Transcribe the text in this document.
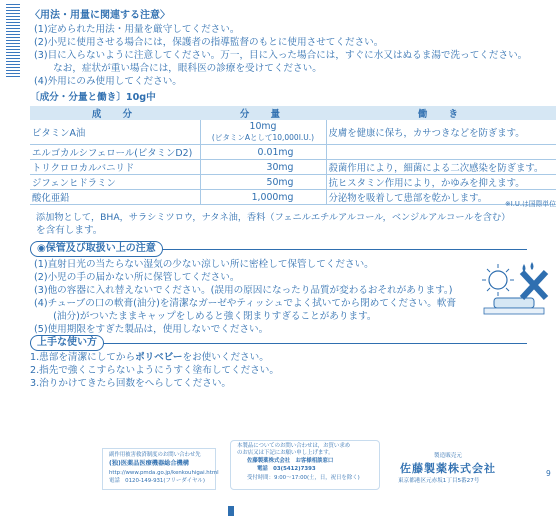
〈用法・用量に関連する注意〉
(1)定められた用法・用量を厳守してください。
(2)小児に使用させる場合には，保護者の指導監督のもとに使用させてください。
(3)目に入らないように注意してください。万一，目に入った場合には，すぐに水又はぬるま湯で洗ってください。
　　なお，症状が重い場合には，眼科医の診療を受けてください。
(4)外用にのみ使用してください。
〔成分・分量と働き〕10g中
成　分	分　量	働　き
ビタミンA油	10mg
(ビタミンAとして10,000I.U.)	皮膚を健康に保ち，カサつきなどを防ぎます。
エルゴカルシフェロール(ビタミンD2)	0.01mg	
トリクロロカルバニリド	30mg	殺菌作用により，細菌による二次感染を防ぎます。
ジフェンヒドラミン	50mg	抗ヒスタミン作用により，かゆみを抑えます。
酸化亜鉛	1,000mg	分泌物を吸着して患部を乾かします。	※I.U.は国際単位
添加物として，BHA，サラシミツロウ，ナタネ油，香料（フェニルエチルアルコール，ベンジルアルコールを含む）
を含有します。
◉保管及び取扱い上の注意
(1)直射日光の当たらない湿気の少ない涼しい所に密栓して保管してください。
(2)小児の手の届かない所に保管してください。
(3)他の容器に入れ替えないでください。(誤用の原因になったり品質が変わるおそれがあります。)
(4)チューブの口の軟膏(油分)を清潔なガーゼやティッシュでよく拭いてから閉めてください。軟膏
　　(油分)がついたままキャップをしめると強く閉まりすぎることがあります。
(5)使用期限をすぎた製品は，使用しないでください。
上手な使い方
1.患部を清潔にしてからポリベビーをお使いください。
2.指先で強くこすらないようにうすく塗布してください。
3.治りかけてきたら回数をへらしてください。
副作用被害救済制度のお問い合わせ先
(独)医薬品医療機器総合機構
http://www.pmda.go.jp/kenkouhigai.html
電話　0120-149-931(フリーダイヤル)
本製品についてのお問い合わせは，お買い求め
のお店又は下記にお願い申し上げます。
佐藤製薬株式会社　お客様相談窓口
電話　03(5412)7393
受付時間：9:00～17:00(土，日，祝日を除く)
製造販売元
佐藤製薬株式会社
東京都港区元赤坂1丁目5番27号
9
